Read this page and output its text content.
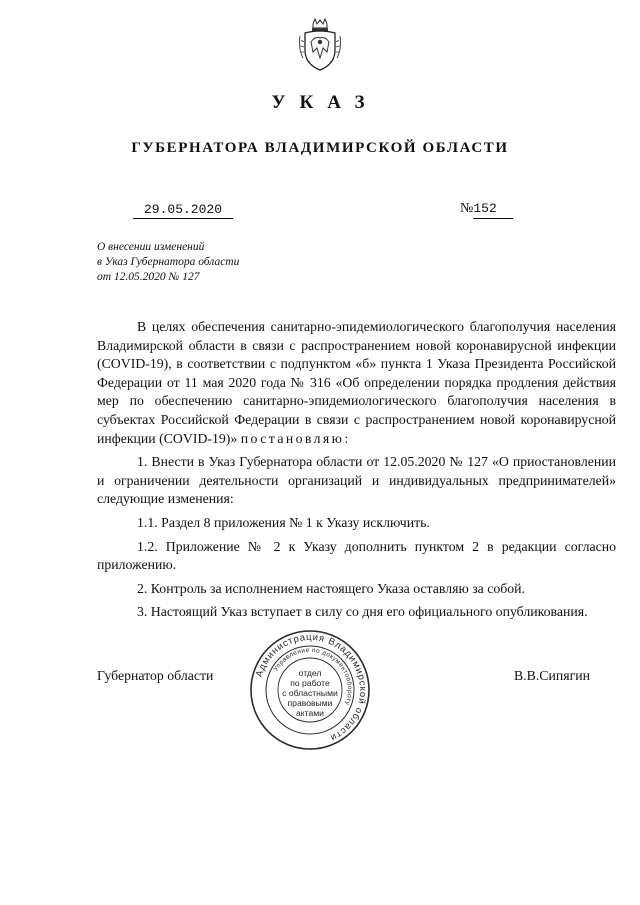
УКАЗ
ГУБЕРНАТОРА ВЛАДИМИРСКОЙ ОБЛАСТИ
29.05.2020	№152
О внесении изменений
в Указ Губернатора области
от 12.05.2020 № 127

В целях обеспечения санитарно-эпидемиологического благополучия населения Владимирской области в связи с распространением новой коронавирусной инфекции (COVID-19), в соответствии с подпунктом «б» пункта 1 Указа Президента Российской Федерации от 11 мая 2020 года № 316 «Об определении порядка продления действия мер по обеспечению санитарно-эпидемиологического благополучия населения в субъектах Российской Федерации в связи с распространением новой коронавирусной инфекции (COVID-19)» постановляю:

1. Внести в Указ Губернатора области от 12.05.2020 № 127 «О приостановлении и ограничении деятельности организаций и индивидуальных предпринимателей» следующие изменения:

1.1. Раздел 8 приложения № 1 к Указу исключить.

1.2. Приложение № 2 к Указу дополнить пунктом 2 в редакции согласно приложению.

2. Контроль за исполнением настоящего Указа оставляю за собой.

3. Настоящий Указ вступает в силу со дня его официального опубликования.

Губернатор области	В.В.Сипягин
Администрация Владимирской области
Управление по документообороту
отдел
по работе
с областными
правовыми
актами
